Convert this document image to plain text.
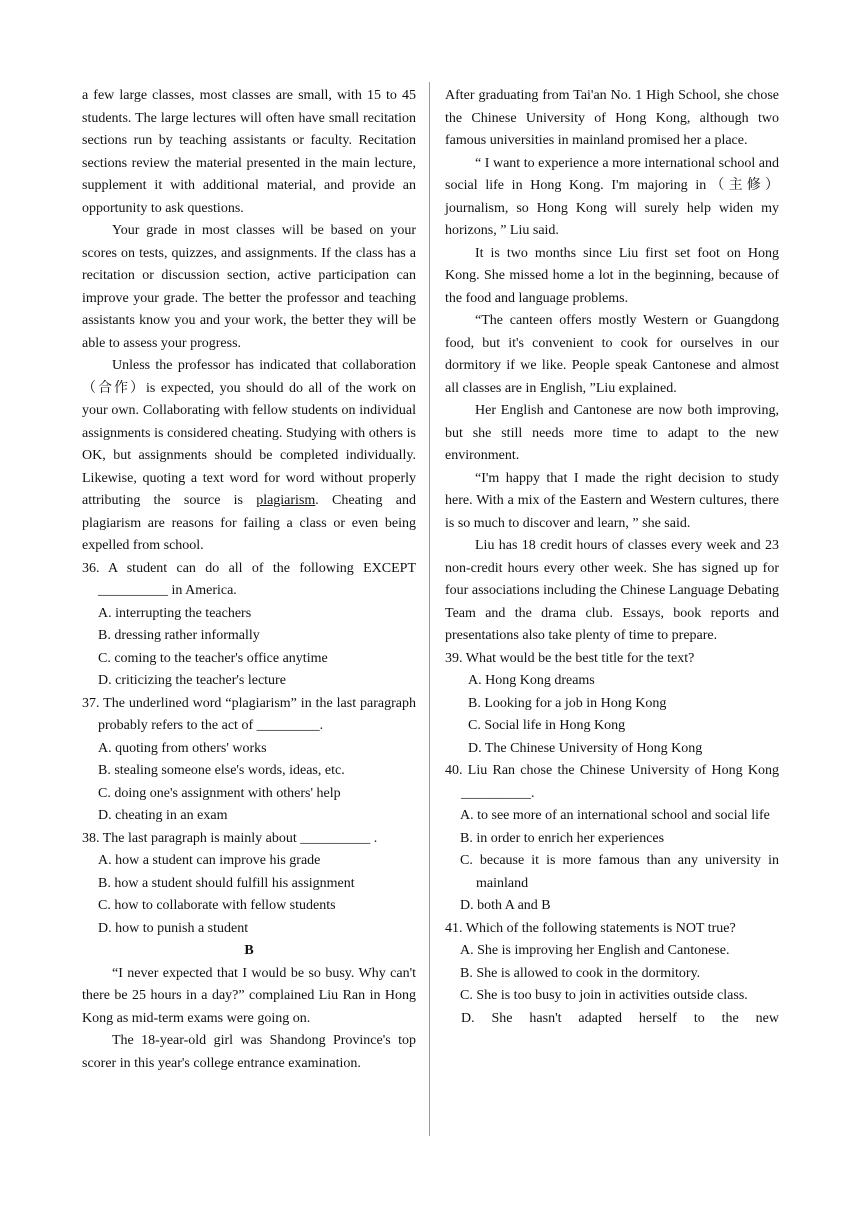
a few large classes, most classes are small, with 15 to 45 students. The large lectures will often have small recitation sections run by teaching assistants or faculty. Recitation sections review the material presented in the main lecture, supplement it with additional material, and provide an opportunity to ask questions.

Your grade in most classes will be based on your scores on tests, quizzes, and assignments. If the class has a recitation or discussion section, active participation can improve your grade. The better the professor and teaching assistants know you and your work, the better they will be able to assess your progress.

Unless the professor has indicated that collaboration（合作）is expected, you should do all of the work on your own. Collaborating with fellow students on individual assignments is considered cheating. Studying with others is OK, but assignments should be completed individually. Likewise, quoting a text word for word without properly attributing the source is plagiarism. Cheating and plagiarism are reasons for failing a class or even being expelled from school.

36. A student can do all of the following EXCEPT __________ in America.

A. interrupting the teachers

B. dressing rather informally

C. coming to the teacher's office anytime

D. criticizing the teacher's lecture

37. The underlined word “plagiarism” in the last paragraph probably refers to the act of _________.

A. quoting from others' works

B. stealing someone else's words, ideas, etc.

C. doing one's assignment with others' help

D. cheating in an exam

38. The last paragraph is mainly about __________ .

A. how a student can improve his grade

B. how a student should fulfill his assignment

C. how to collaborate with fellow students

D. how to punish a student

B

“I never expected that I would be so busy. Why can't there be 25 hours in a day?” complained Liu Ran in Hong Kong as mid-term exams were going on.

The 18-year-old girl was Shandong Province's top scorer in this year's college entrance examination.

After graduating from Tai'an No. 1 High School, she chose the Chinese University of Hong Kong, although two famous universities in mainland promised her a place.

“ I want to experience a more international school and social life in Hong Kong. I'm majoring in（主修）journalism, so Hong Kong will surely help widen my horizons, ” Liu said.

It is two months since Liu first set foot on Hong Kong. She missed home a lot in the beginning, because of the food and language problems.

“The canteen offers mostly Western or Guangdong food, but it's convenient to cook for ourselves in our dormitory if we like. People speak Cantonese and almost all classes are in English, ”Liu explained.

Her English and Cantonese are now both improving, but she still needs more time to adapt to the new environment.

“I'm happy that I made the right decision to study here. With a mix of the Eastern and Western cultures, there is so much to discover and learn, ” she said.

Liu has 18 credit hours of classes every week and 23 non-credit hours every other week. She has signed up for four associations including the Chinese Language Debating Team and the drama club. Essays, book reports and presentations also take plenty of time to prepare.

39. What would be the best title for the text?

A. Hong Kong dreams

B. Looking for a job in Hong Kong

C. Social life in Hong Kong

D. The Chinese University of Hong Kong

40. Liu Ran chose the Chinese University of Hong Kong __________.

A. to see more of an international school and social life

B. in order to enrich her experiences

C. because it is more famous than any university in mainland

D. both A and B

41. Which of the following statements is NOT true?

A. She is improving her English and Cantonese.

B. She is allowed to cook in the dormitory.

C. She is too busy to join in activities outside class.

D. She hasn't adapted herself to the new
